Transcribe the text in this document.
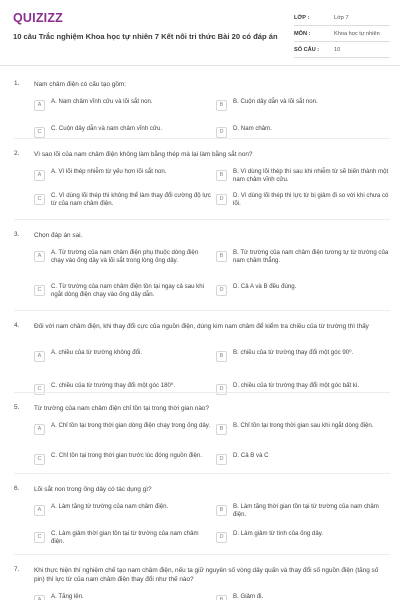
QUIZIZZ
10 câu Trắc nghiệm Khoa học tự nhiên 7 Kết nối tri thức Bài 20 có đáp án
LỚP :	Lớp 7
MÔN :	Khoa học tự nhiên
SỐ CÂU :	10
1. Nam châm điện có cấu tạo gồm:
A	A. Nam châm vĩnh cửu và lõi sắt non.	B	B. Cuộn dây dẫn và lõi sắt non.
C	C. Cuộn dây dẫn và nam châm vĩnh cửu.	D	D. Nam châm.
2. Vì sao lõi của nam châm điện không làm bằng thép mà lại làm bằng sắt non?
A	A. Vì lõi thép nhiễm từ yếu hơn lõi sắt non.	B	B. Vì dùng lõi thép thì sau khi nhiễm từ sẽ biến thành một nam châm vĩnh cửu.
C	C. Vì dùng lõi thép thì không thể làm thay đổi cường độ lực từ của nam châm điện.
D	D. Vì dùng lõi thép thì lực từ bị giảm đi so với khi chưa có lõi.
3. Chọn đáp án sai.
A	A. Từ trường của nam châm điện phụ thuộc dòng điện chạy vào ống dây và lõi sắt trong lòng ống dây.
B	B. Từ trường của nam châm điện tương tự từ trường của nam châm thẳng.
C	C. Từ trường của nam châm điện tồn tại ngay cả sau khi ngắt dòng điện chạy vào ống dây dẫn.
D	D. Cả A và B đều đúng.
4. Đối với nam châm điện, khi thay đổi cực của nguồn điện, dùng kim nam châm để kiểm tra chiều của từ trường thì thấy
A	A. chiều của từ trường không đổi.	B	B. chiều của từ trường thay đổi một góc 90⁰.
C	C. chiều của từ trường thay đổi một góc 180⁰.	D	D. chiều của từ trường thay đổi một góc bất kì.
5. Từ trường của nam châm điện chỉ tồn tại trong thời gian nào?
A	A. Chỉ tồn tại trong thời gian dòng điện chạy trong ống dây.	B	B. Chỉ tồn tại trong thời gian sau khi ngắt dòng điện.
C	C. Chỉ tồn tại trong thời gian trước lúc đóng nguồn điện.	D	D. Cả B và C
6. Lõi sắt non trong ống dây có tác dụng gì?
A	A. Làm tăng từ trường của nam châm điện.	B	B. Làm tăng thời gian tồn tại từ trường của nam châm điện.
C	C. Làm giảm thời gian tồn tại từ trường của nam châm điện.
D	D. Làm giảm từ tính của ống dây.
7. Khi thực hiện thí nghiệm chế tạo nam châm điện, nếu ta giữ nguyên số vòng dây quấn và thay đổi số nguồn điện (tăng số pin) thì lực từ của nam châm điện thay đổi như thế nào?
A	A. Tăng lên.	B	B. Giảm đi.
